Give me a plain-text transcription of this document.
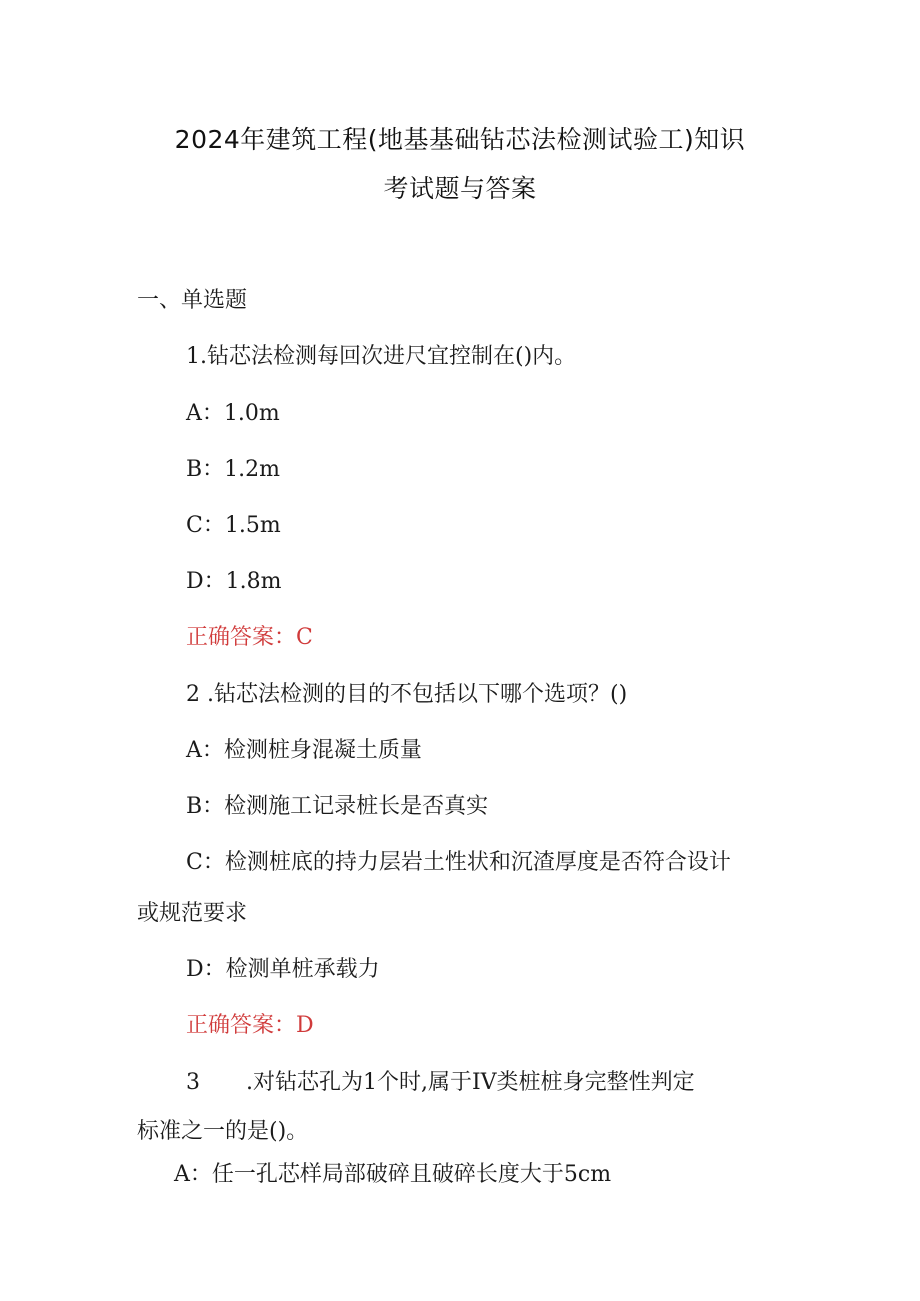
2024年建筑工程(地基基础钻芯法检测试验工)知识
考试题与答案
一、单选题
1.钻芯法检测每回次进尺宜控制在()内。
A：1.0m
B：1.2m
C：1.5m
D：1.8m
正确答案：C
2 .钻芯法检测的目的不包括以下哪个选项？()
A：检测桩身混凝土质量
B：检测施工记录桩长是否真实
C：检测桩底的持力层岩土性状和沉渣厚度是否符合设计
或规范要求
D：检测单桩承载力
正确答案：D
3 .对钻芯孔为1个时,属于IV类桩桩身完整性判定
标准之一的是()。
A：任一孔芯样局部破碎且破碎长度大于5cm
